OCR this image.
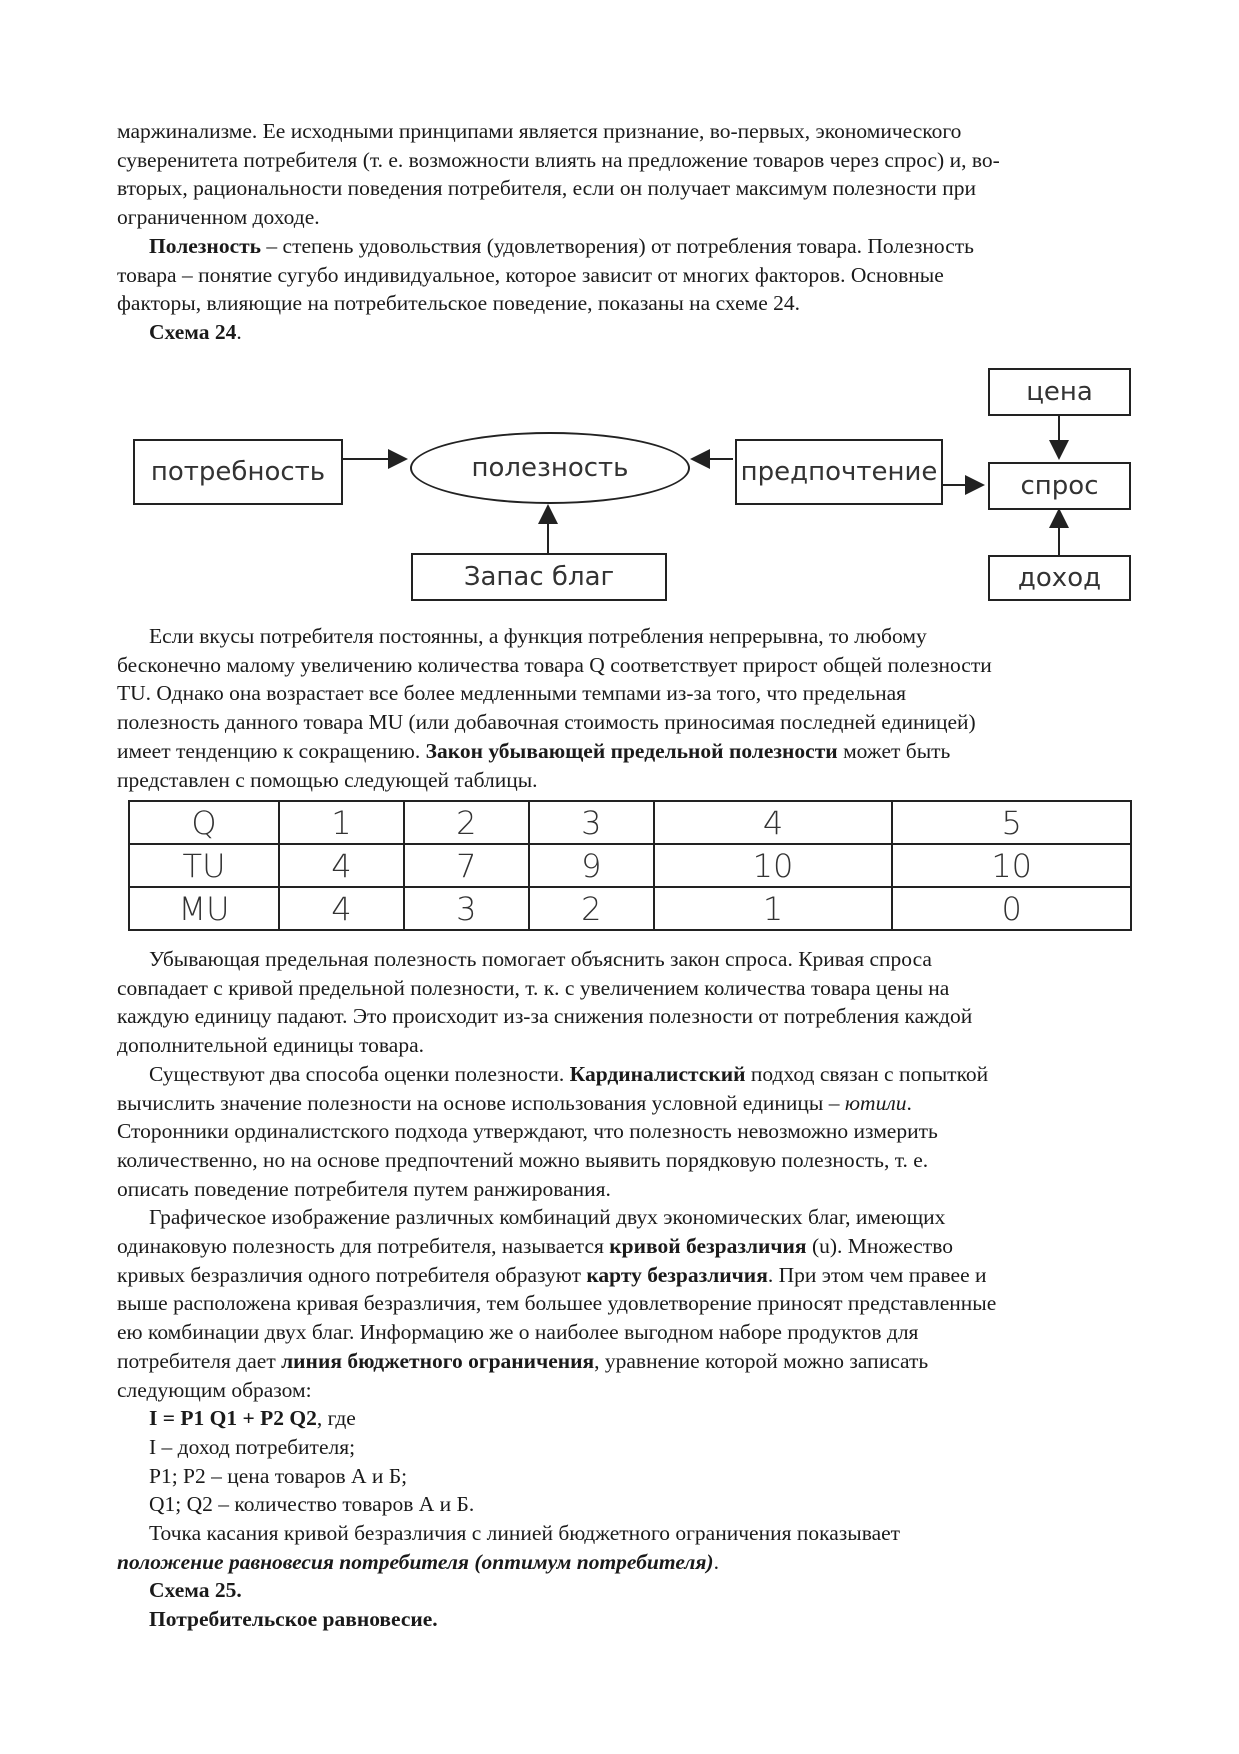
маржинализме. Ее исходными принципами является признание, во-первых, экономического

суверенитета потребителя (т. е. возможности влиять на предложение товаров через спрос) и, во-

вторых, рациональности поведения потребителя, если он получает максимум полезности при

ограниченном доходе.

Полезность – степень удовольствия (удовлетворения) от потребления товара. Полезность

товара – понятие сугубо индивидуальное, которое зависит от многих факторов. Основные

факторы, влияющие на потребительское поведение, показаны на схеме 24.

Схема 24.

потребность	полезность	предпочтение
цена
спрос
Запас благ	доход

Если вкусы потребителя постоянны, а функция потребления непрерывна, то любому

бесконечно малому увеличению количества товара Q соответствует прирост общей полезности

TU. Однако она возрастает все более медленными темпами из-за того, что предельная

полезность данного товара MU (или добавочная стоимость приносимая последней единицей)

имеет тенденцию к сокращению. Закон убывающей предельной полезности может быть

представлен с помощью следующей таблицы.

Q	1	2	3	4	5
TU	4	7	9	10	10
MU	4	3	2	1	0

Убывающая предельная полезность помогает объяснить закон спроса. Кривая спроса

совпадает с кривой предельной полезности, т. к. с увеличением количества товара цены на

каждую единицу падают. Это происходит из-за снижения полезности от потребления каждой

дополнительной единицы товара.

Существуют два способа оценки полезности. Кардиналистский подход связан с попыткой

вычислить значение полезности на основе использования условной единицы – ютили.

Сторонники ординалистского подхода утверждают, что полезность невозможно измерить

количественно, но на основе предпочтений можно выявить порядковую полезность, т. е.

описать поведение потребителя путем ранжирования.

Графическое изображение различных комбинаций двух экономических благ, имеющих

одинаковую полезность для потребителя, называется кривой безразличия (u). Множество

кривых безразличия одного потребителя образуют карту безразличия. При этом чем правее и

выше расположена кривая безразличия, тем большее удовлетворение приносят представленные

ею комбинации двух благ. Информацию же о наиболее выгодном наборе продуктов для

потребителя дает линия бюджетного ограничения, уравнение которой можно записать

следующим образом:

I = P1 Q1 + P2 Q2, где

I – доход потребителя;

P1; P2 – цена товаров А и Б;

Q1; Q2 – количество товаров А и Б.

Точка касания кривой безразличия с линией бюджетного ограничения показывает

положение равновесия потребителя (оптимум потребителя).

Схема 25.

Потребительское равновесие.
